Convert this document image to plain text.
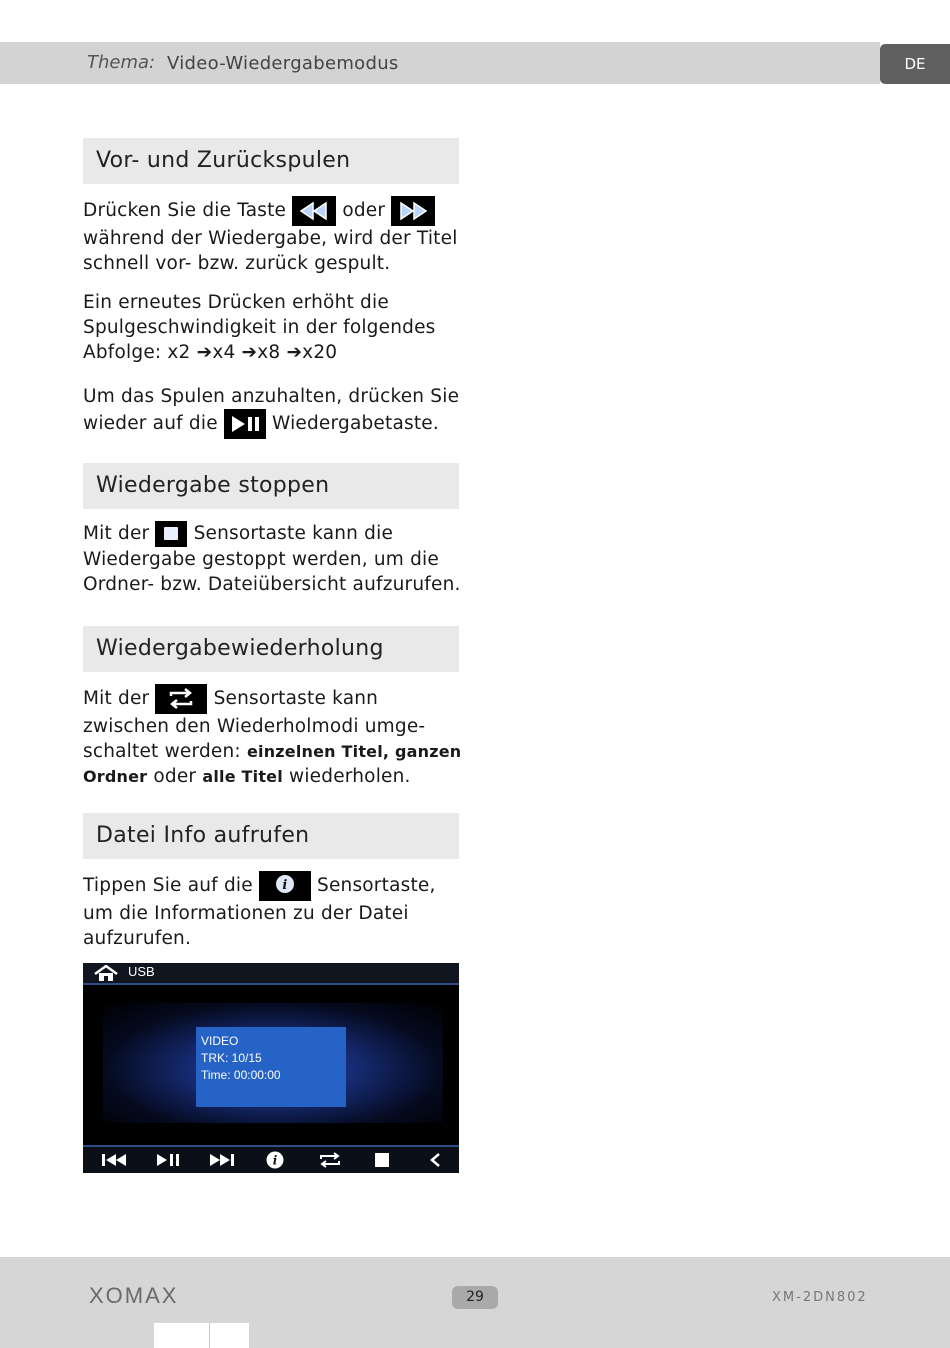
Thema: Video-Wiedergabemodus	DE
Vor- und Zurückspulen
Drücken Sie die Taste	oder  während der Wiedergabe, wird der Titel schnell vor- bzw. zurück gespult.
Ein erneutes Drücken erhöht die Spulgeschwindigkeit in der folgendes Abfolge: x2 ➔x4 ➔x8 ➔x20
Um das Spulen anzuhalten, drücken Sie wieder auf die	Wiedergabetaste.
Wiedergabe stoppen
Mit der Sensortaste kann die Wiedergabe gestoppt werden, um die Ordner- bzw. Dateiübersicht aufzurufen.
Wiedergabewiederholung
Mit der	Sensortaste kann zwischen den Wiederholmodi umge-schaltet werden: einzelnen Titel, ganzen Ordner oder alle Titel wiederholen.
Datei Info aufrufen
Tippen Sie auf die i Sensortaste, um die Informationen zu der Datei aufzurufen.
USB
VIDEO
TRK: 10/15
Time: 00:00:00
i
XOMAX	29	XM-2DN802
